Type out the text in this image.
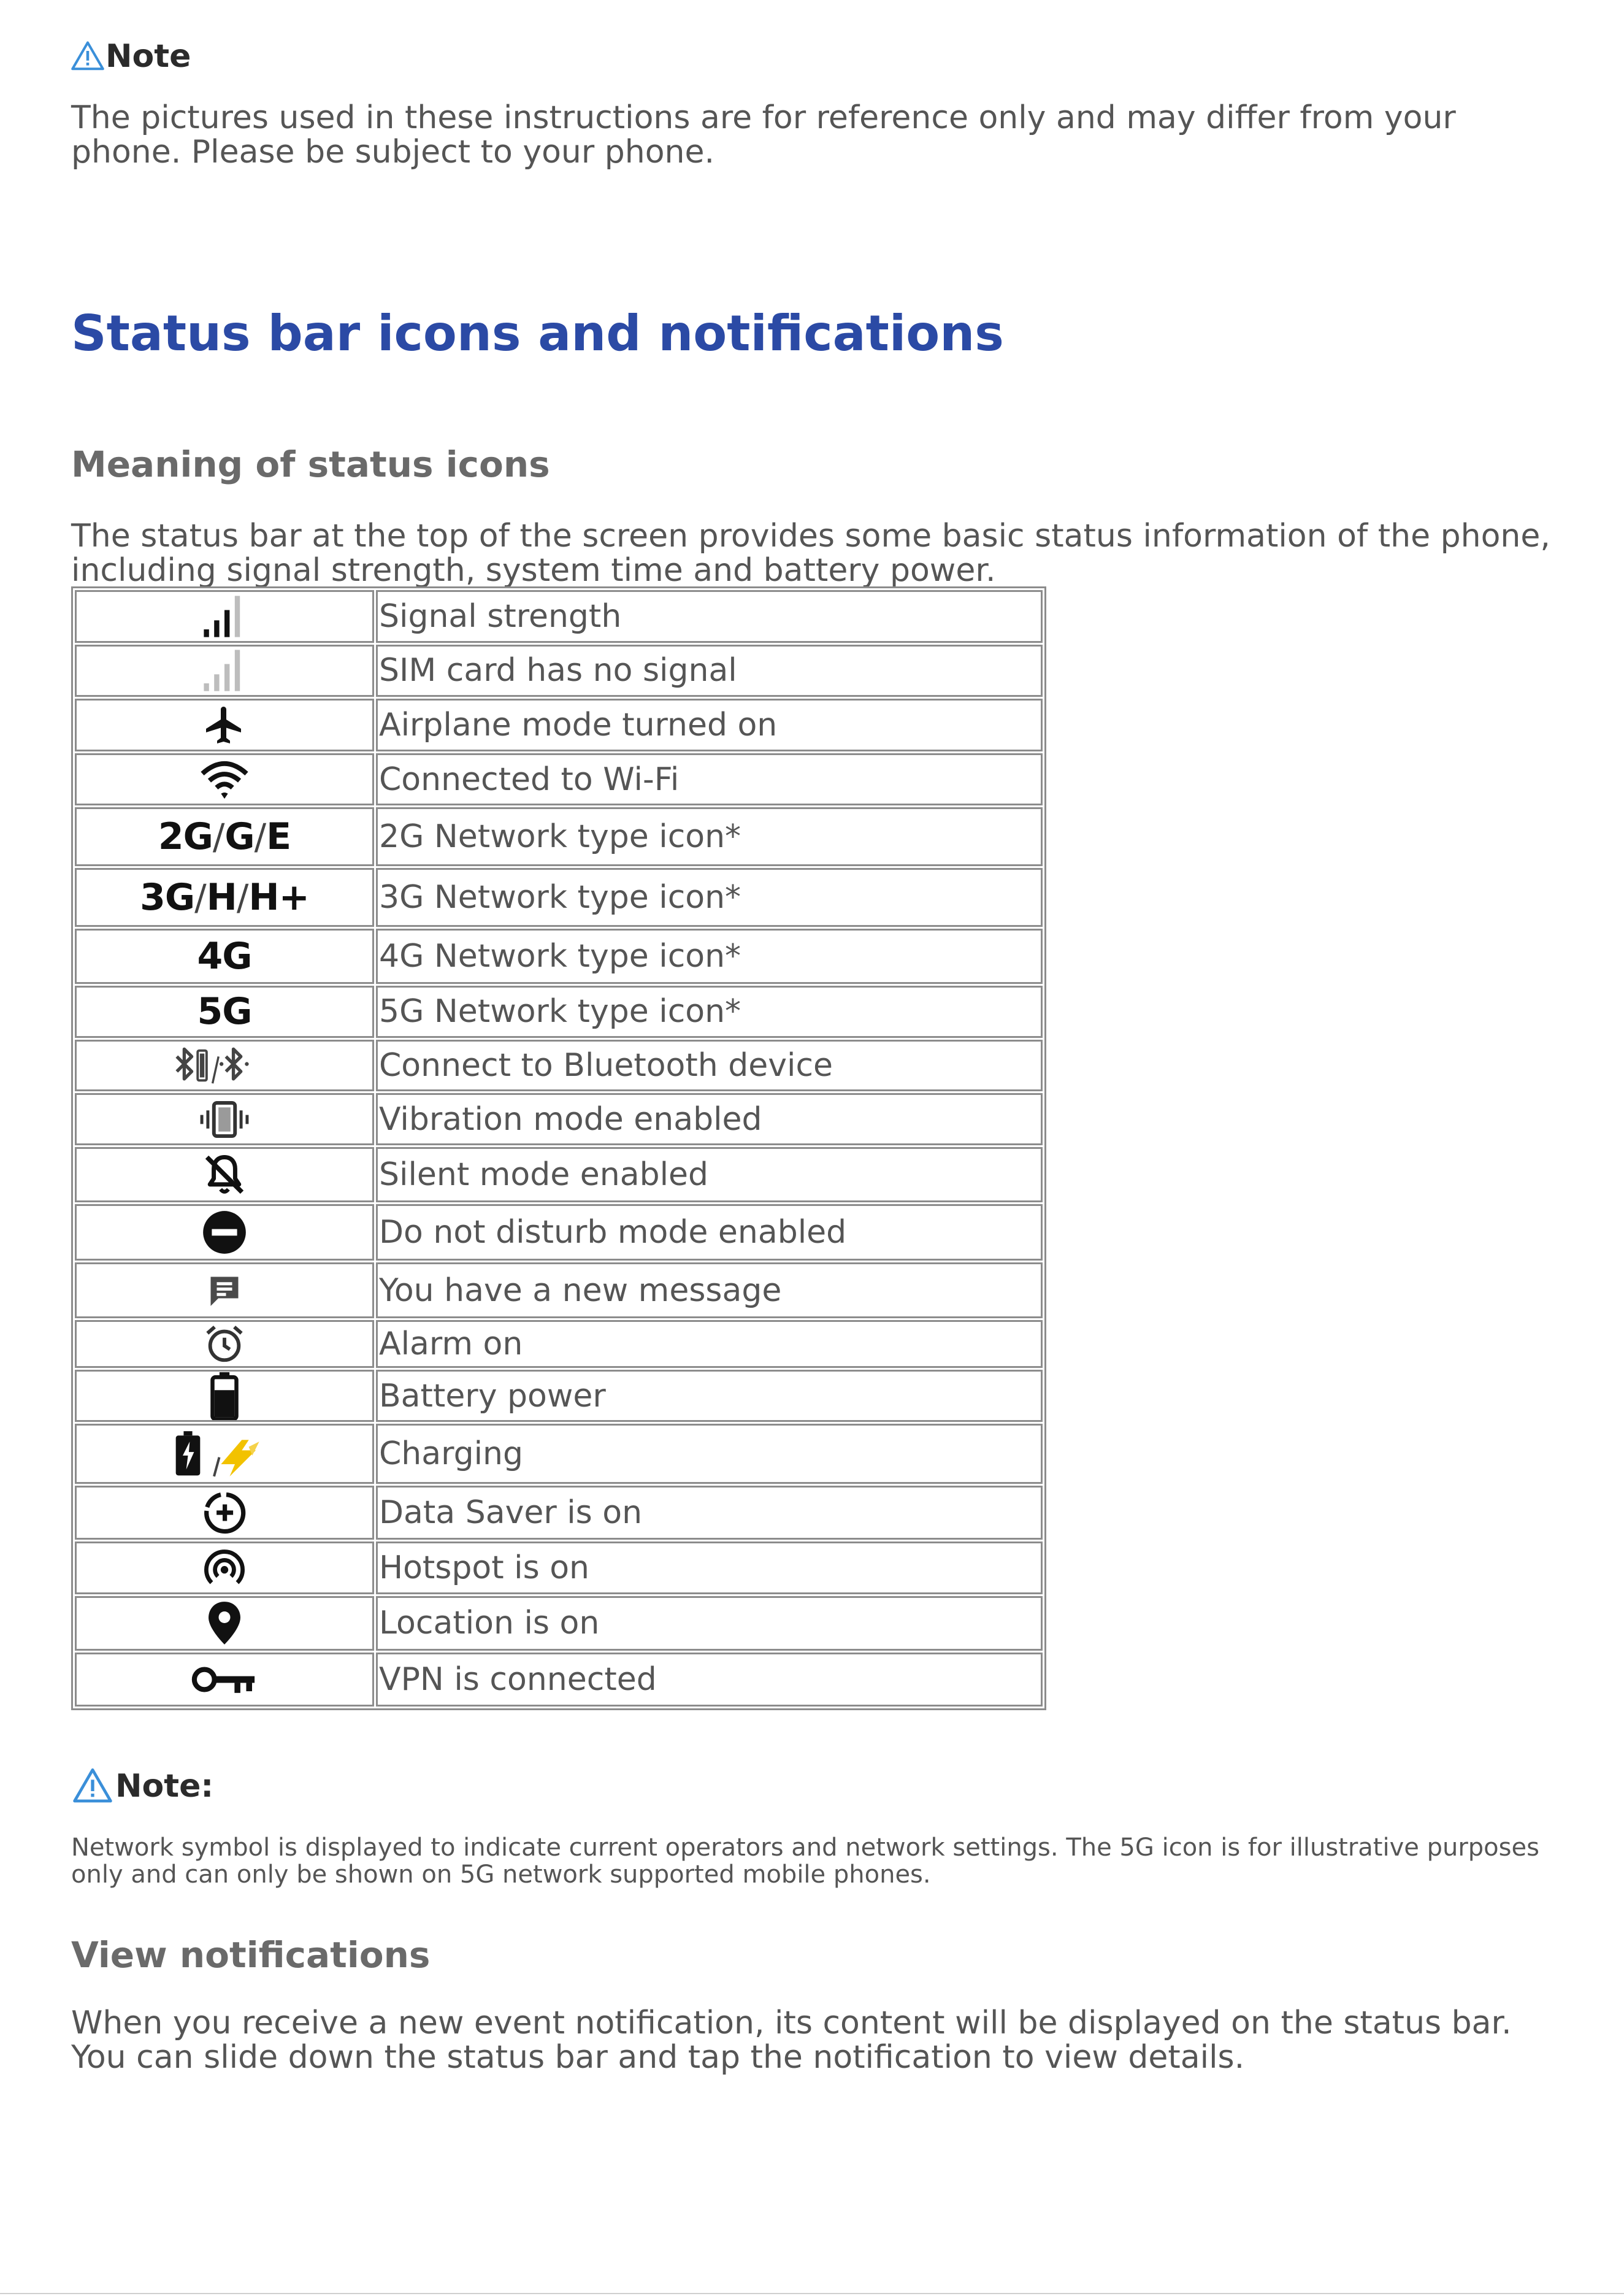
Note
The pictures used in these instructions are for reference only and may differ from your phone. Please be subject to your phone.
Status bar icons and notifications
Meaning of status icons
The status bar at the top of the screen provides some basic status information of the phone, including signal strength, system time and battery power.
	Signal strength
	SIM card has no signal
	Airplane mode turned on
	Connected to Wi-Fi
2G/G/E	2G Network type icon*
3G/H/H+	3G Network type icon*
4G	4G Network type icon*
5G	5G Network type icon*
	Connect to Bluetooth device
	Vibration mode enabled
	Silent mode enabled
	Do not disturb mode enabled
	You have a new message
	Alarm on
	Battery power
	Charging
	Data Saver is on
	Hotspot is on
	Location is on
	VPN is connected
Note:
Network symbol is displayed to indicate current operators and network settings. The 5G icon is for illustrative purposes only and can only be shown on 5G network supported mobile phones.
View notifications
When you receive a new event notification, its content will be displayed on the status bar. You can slide down the status bar and tap the notification to view details.
